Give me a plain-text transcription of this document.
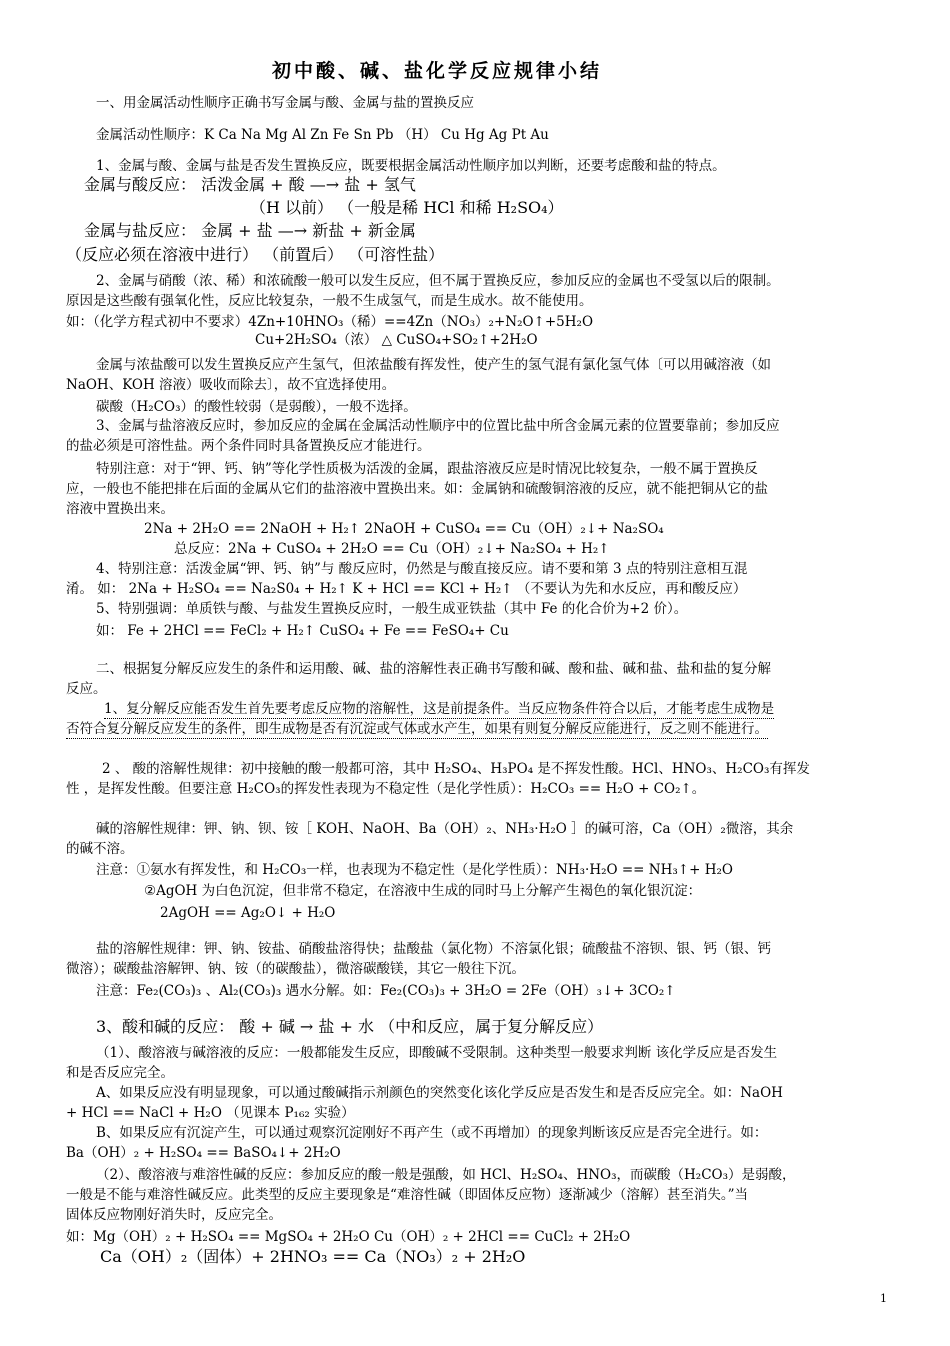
初中酸、碱、盐化学反应规律小结
一、用金属活动性顺序正确书写金属与酸、金属与盐的置换反应
金属活动性顺序：K Ca Na Mg Al Zn Fe Sn Pb （H） Cu Hg Ag Pt Au
1、金属与酸、金属与盐是否发生置换反应，既要根据金属活动性顺序加以判断，还要考虑酸和盐的特点。
金属与酸反应： 活泼金属 + 酸 —→ 盐 + 氢气
（H 以前） （一般是稀 HCl 和稀 H₂SO₄）
金属与盐反应： 金属 + 盐 —→ 新盐 + 新金属
（反应必须在溶液中进行） （前置后） （可溶性盐）
2、金属与硝酸（浓、稀）和浓硫酸一般可以发生反应，但不属于置换反应，参加反应的金属也不受氢以后的限制。
原因是这些酸有强氧化性，反应比较复杂，一般不生成氢气，而是生成水。故不能使用。
如：（化学方程式初中不要求）4Zn+10HNO₃（稀）==4Zn（NO₃）₂+N₂O↑+5H₂O
Cu+2H₂SO₄（浓） △ CuSO₄+SO₂↑+2H₂O
金属与浓盐酸可以发生置换反应产生氢气，但浓盐酸有挥发性，使产生的氢气混有氯化氢气体〔可以用碱溶液（如
NaOH、KOH 溶液）吸收而除去〕，故不宜选择使用。
碳酸（H₂CO₃）的酸性较弱（是弱酸），一般不选择。
3、金属与盐溶液反应时，参加反应的金属在金属活动性顺序中的位置比盐中所含金属元素的位置要靠前；参加反应
的盐必须是可溶性盐。两个条件同时具备置换反应才能进行。
特别注意：对于“钾、钙、钠”等化学性质极为活泼的金属，跟盐溶液反应是时情况比较复杂，一般不属于置换反
应，一般也不能把排在后面的金属从它们的盐溶液中置换出来。如：金属钠和硫酸铜溶液的反应，就不能把铜从它的盐
溶液中置换出来。
2Na + 2H₂O == 2NaOH + H₂↑ 2NaOH + CuSO₄ == Cu（OH）₂↓+ Na₂SO₄
总反应：2Na + CuSO₄ + 2H₂O == Cu（OH）₂↓+ Na₂SO₄ + H₂↑
4、特别注意：活泼金属“钾、钙、钠”与 酸反应时，仍然是与酸直接反应。请不要和第 3 点的特别注意相互混
淆。 如： 2Na + H₂SO₄ == Na₂S0₄ + H₂↑ K + HCl == KCl + H₂↑ （不要认为先和水反应，再和酸反应）
5、特别强调：单质铁与酸、与盐发生置换反应时，一般生成亚铁盐（其中 Fe 的化合价为+2 价）。
如： Fe + 2HCl == FeCl₂ + H₂↑ CuSO₄ + Fe == FeSO₄+ Cu
二、根据复分解反应发生的条件和运用酸、碱、盐的溶解性表正确书写酸和碱、酸和盐、碱和盐、盐和盐的复分解
反应。
1、复分解反应能否发生首先要考虑反应物的溶解性，这是前提条件。当反应物条件符合以后，才能考虑生成物是
否符合复分解反应发生的条件，即生成物是否有沉淀或气体或水产生，如果有则复分解反应能进行，反之则不能进行。
2 、 酸的溶解性规律：初中接触的酸一般都可溶，其中 H₂SO₄、H₃PO₄ 是不挥发性酸。HCl、HNO₃、H₂CO₃有挥发
性 ，是挥发性酸。但要注意 H₂CO₃的挥发性表现为不稳定性（是化学性质）：H₂CO₃ == H₂O + CO₂↑。
碱的溶解性规律：钾、钠、钡、铵［ KOH、NaOH、Ba（OH）₂、NH₃·H₂O ］的碱可溶，Ca（OH）₂微溶，其余
的碱不溶。
注意：①氨水有挥发性，和 H₂CO₃一样，也表现为不稳定性（是化学性质）：NH₃·H₂O == NH₃↑+ H₂O
②AgOH 为白色沉淀，但非常不稳定，在溶液中生成的同时马上分解产生褐色的氧化银沉淀：
2AgOH == Ag₂O↓ + H₂O
盐的溶解性规律：钾、钠、铵盐、硝酸盐溶得快；盐酸盐（氯化物）不溶氯化银；硫酸盐不溶钡、银、钙（银、钙
微溶）；碳酸盐溶解钾、钠、铵（的碳酸盐），微溶碳酸镁，其它一般往下沉。
注意：Fe₂(CO₃)₃ 、Al₂(CO₃)₃ 遇水分解。如：Fe₂(CO₃)₃ + 3H₂O = 2Fe（OH）₃↓+ 3CO₂↑
3、酸和碱的反应： 酸 + 碱 → 盐 + 水 （中和反应，属于复分解反应）
（1）、酸溶液与碱溶液的反应：一般都能发生反应，即酸碱不受限制。这种类型一般要求判断 该化学反应是否发生
和是否反应完全。
A、如果反应没有明显现象，可以通过酸碱指示剂颜色的突然变化该化学反应是否发生和是否反应完全。如：NaOH
+ HCl == NaCl + H₂O （见课本 P₁₆₂ 实验）
B、如果反应有沉淀产生，可以通过观察沉淀刚好不再产生（或不再增加）的现象判断该反应是否完全进行。如：
Ba（OH）₂ + H₂SO₄ == BaSO₄↓+ 2H₂O
（2）、酸溶液与难溶性碱的反应：参加反应的酸一般是强酸，如 HCl、H₂SO₄、HNO₃，而碳酸（H₂CO₃）是弱酸，
一般是不能与难溶性碱反应。此类型的反应主要现象是“难溶性碱（即固体反应物）逐渐减少（溶解）甚至消失。”当
固体反应物刚好消失时，反应完全。
如：Mg（OH）₂ + H₂SO₄ == MgSO₄ + 2H₂O Cu（OH）₂ + 2HCl == CuCl₂ + 2H₂O
Ca（OH）₂（固体）+ 2HNO₃ == Ca（NO₃）₂ + 2H₂O
1
